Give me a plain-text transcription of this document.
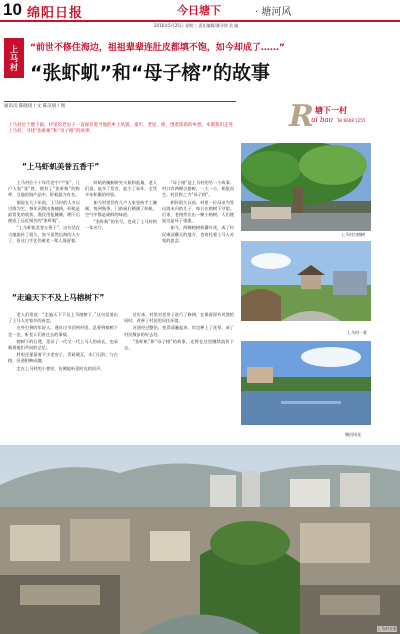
10 绵阳日报	今日塘下	· 塘河风
2016年5月25日 星期三 责任编辑/潘寻智 美 编
上马村	“前世不修住海边，祖祖辈辈连肚皮都填不饱，如今却成了……”
“张虾虮”和“母子榕”的故事
通讯员 陈晓琦 / 文 陈汉斌 / 图	R 塘下一村
ui bao Tel:6608 1255

上马村位于塘下镇，村里的老房子一直保存着当地的乡土风貌，童年、老屋、桥，透着浓浓的乡愁。本期我们走进上马村，寻找“张虾虮”和“母子榕”的故事。

“上马虾虮美誉五香干”

上马村位于十年代老字户“张”，几户人家“张”姓，便有了“张虾虮”的称呼，当地的海产品中，虾虮最为有名。

据说在几十年前，上马村的人多以讨海为生，每年汛期出海捕捞，虾虮是最常见的收获。渔民用盐腌制，晒干后便成了远近闻名的“张虾虮”。

“上马虾虮美誉五香干”，这句话在当地流传了很久。如今虽然出海的人少了，但这门手艺仍被老一辈人保留着。

虾虮的腌制讲究火候和盐量，老人们说，盐多了发苦，盐少了易坏，全凭多年积累的经验。

如今村里仍有几户人家坚持手工腌制，每到秋季，门前屋后晒满了虾虮，空气中都是咸鲜的味道。

“张虾虮”的名号，也成了上马村的一张名片。

“母子榕”是上马村的另一个故事。村口有两棵古榕树，一大一小，相依而生，村民称之为“母子榕”。

相传很久以前，村里一位母亲为等出海未归的儿子，每日在榕树下守望。后来，老榕旁长出一棵小榕树，人们便说这是母子重逢。

如今，两棵榕树枝繁叶茂，成了村民乘凉聊天的地方，也寄托着上马人对家的思念。

“走遍天下不及上马榕树下”

老人们常说：“走遍天下不及上马榕树下。”这句话道出了上马人对家乡的眷恋。

在外打拼的年轻人，逢年过节回到村里，总要到榕树下坐一坐，听老人们讲过去的事情。

榕树下的石凳，见证了一代又一代上马人的成长，也承载着他们共同的记忆。

村里还保留着不少老房子，青砖黛瓦，木门石阶，与古榕、河道相映成趣。

走在上马村的小巷里，仿佛能听见时光的回声。

近年来，村里对老房子进行了修缮，在保留原有风貌的同时，改善了村民的居住环境。

河道经过整治，变得清澈起来，岸边种上了花草，成了村民散步的好去处。

“张虾虮”和“母子榕”的故事，还将在这里继续流传下去。

上马村古榕树
上马村一景
塘河风光
上马村全景
